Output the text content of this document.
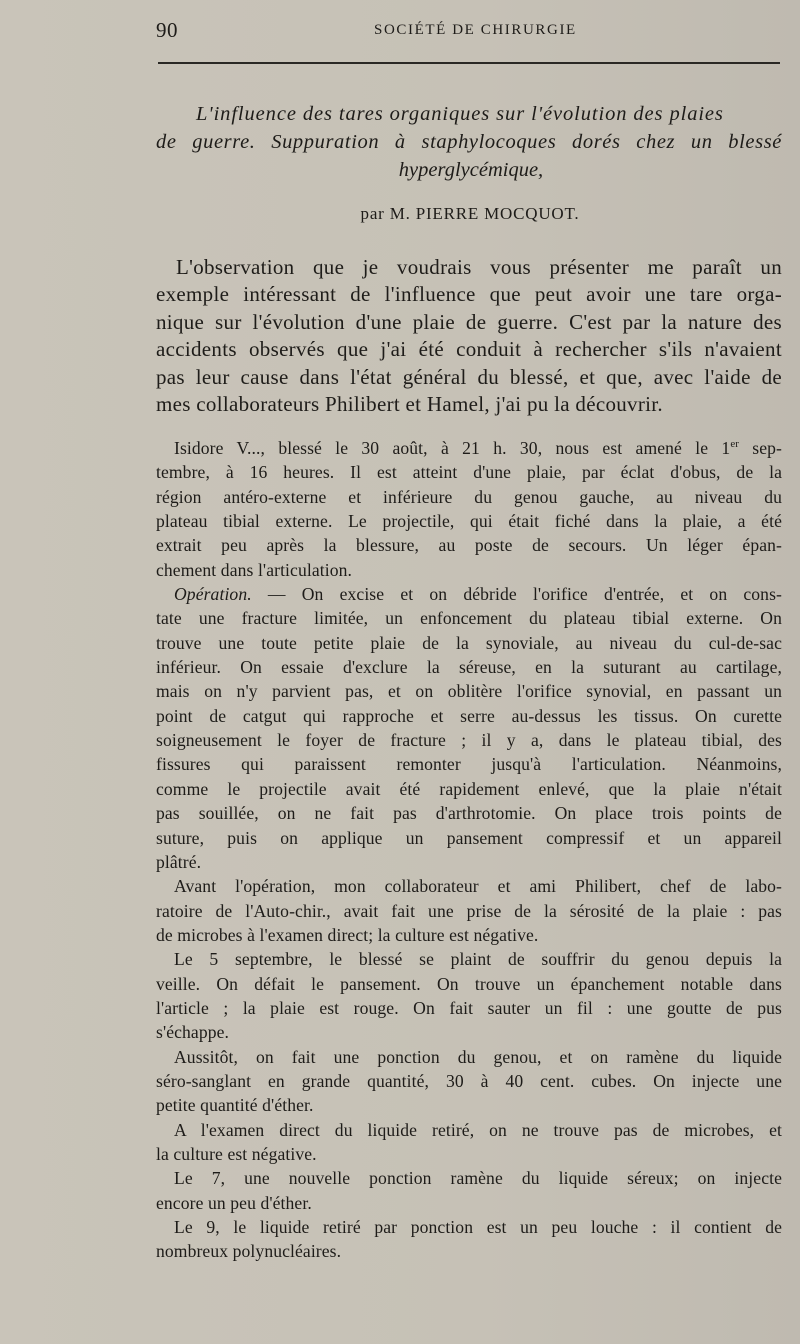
90	SOCIÉTÉ DE CHIRURGIE
L'influence des tares organiques sur l'évolution des plaies
de guerre. Suppuration à staphylocoques dorés chez un blessé
hyperglycémique,
par M. PIERRE MOCQUOT.
L'observation que je voudrais vous présenter me paraît un
exemple intéressant de l'influence que peut avoir une tare orga-
nique sur l'évolution d'une plaie de guerre. C'est par la nature des
accidents observés que j'ai été conduit à rechercher s'ils n'avaient
pas leur cause dans l'état général du blessé, et que, avec l'aide de
mes collaborateurs Philibert et Hamel, j'ai pu la découvrir.
Isidore V..., blessé le 30 août, à 21 h. 30, nous est amené le 1er sep-
tembre, à 16 heures. Il est atteint d'une plaie, par éclat d'obus, de la
région antéro-externe et inférieure du genou gauche, au niveau du
plateau tibial externe. Le projectile, qui était fiché dans la plaie, a été
extrait peu après la blessure, au poste de secours. Un léger épan-
chement dans l'articulation.
Opération. — On excise et on débride l'orifice d'entrée, et on cons-
tate une fracture limitée, un enfoncement du plateau tibial externe. On
trouve une toute petite plaie de la synoviale, au niveau du cul-de-sac
inférieur. On essaie d'exclure la séreuse, en la suturant au cartilage,
mais on n'y parvient pas, et on oblitère l'orifice synovial, en passant un
point de catgut qui rapproche et serre au-dessus les tissus. On curette
soigneusement le foyer de fracture ; il y a, dans le plateau tibial, des
fissures qui paraissent remonter jusqu'à l'articulation. Néanmoins,
comme le projectile avait été rapidement enlevé, que la plaie n'était
pas souillée, on ne fait pas d'arthrotomie. On place trois points de
suture, puis on applique un pansement compressif et un appareil
plâtré.
Avant l'opération, mon collaborateur et ami Philibert, chef de labo-
ratoire de l'Auto-chir., avait fait une prise de la sérosité de la plaie : pas
de microbes à l'examen direct; la culture est négative.
Le 5 septembre, le blessé se plaint de souffrir du genou depuis la
veille. On défait le pansement. On trouve un épanchement notable dans
l'article ; la plaie est rouge. On fait sauter un fil : une goutte de pus
s'échappe.
Aussitôt, on fait une ponction du genou, et on ramène du liquide
séro-sanglant en grande quantité, 30 à 40 cent. cubes. On injecte une
petite quantité d'éther.
A l'examen direct du liquide retiré, on ne trouve pas de microbes, et
la culture est négative.
Le 7, une nouvelle ponction ramène du liquide séreux; on injecte
encore un peu d'éther.
Le 9, le liquide retiré par ponction est un peu louche : il contient de
nombreux polynucléaires.
